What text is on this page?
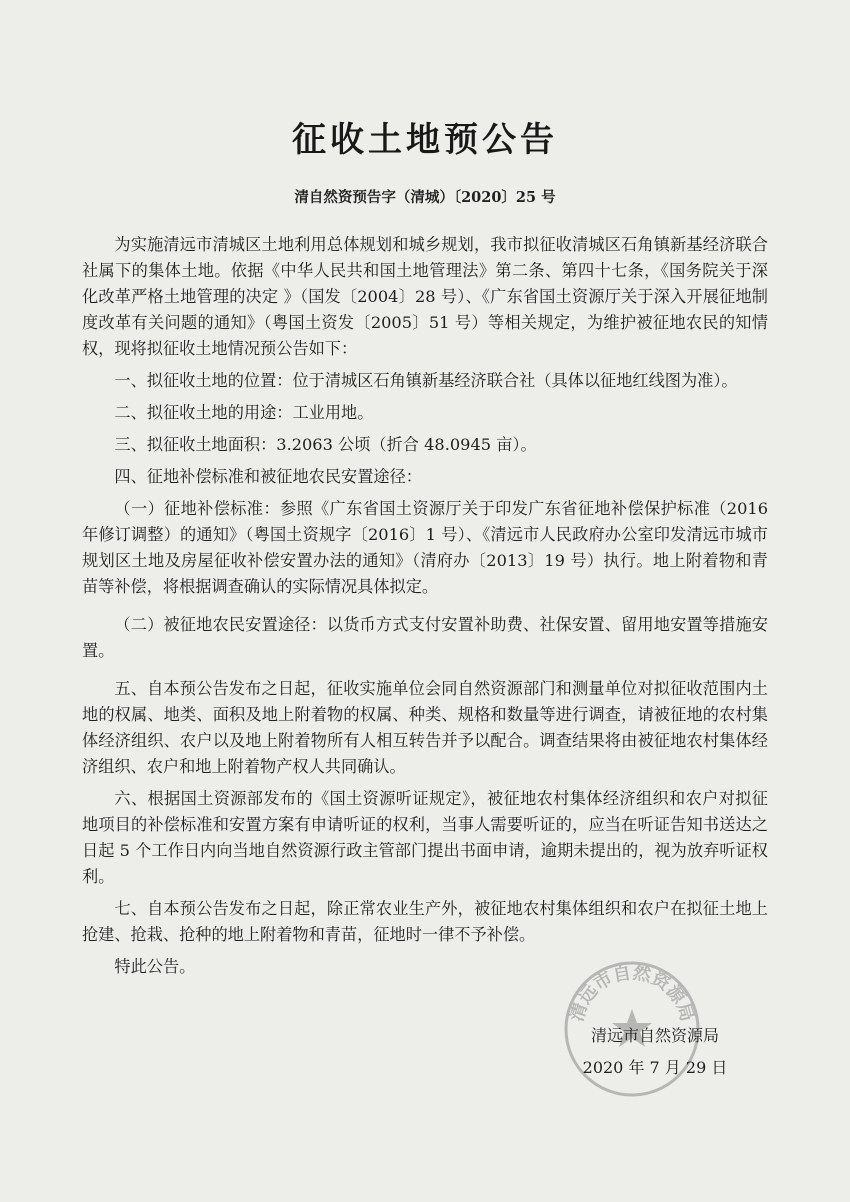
征收土地预公告
清自然资预告字（清城）〔2020〕25 号

为实施清远市清城区土地利用总体规划和城乡规划，我市拟征收清城区石角镇新基经济联合社属下的集体土地。依据《中华人民共和国土地管理法》第二条、第四十七条，《国务院关于深化改革严格土地管理的决定 》（国发〔2004〕28 号）、《广东省国土资源厅关于深入开展征地制度改革有关问题的通知》（粤国土资发〔2005〕51 号）等相关规定，为维护被征地农民的知情权，现将拟征收土地情况预公告如下：

一、拟征收土地的位置：位于清城区石角镇新基经济联合社（具体以征地红线图为准）。

二、拟征收土地的用途：工业用地。

三、拟征收土地面积：3.2063 公顷（折合 48.0945 亩）。

四、征地补偿标准和被征地农民安置途径：

（一）征地补偿标准：参照《广东省国土资源厅关于印发广东省征地补偿保护标准（2016年修订调整）的通知》（粤国土资规字〔2016〕1 号）、《清远市人民政府办公室印发清远市城市规划区土地及房屋征收补偿安置办法的通知》（清府办〔2013〕19 号）执行。地上附着物和青苗等补偿，将根据调查确认的实际情况具体拟定。

（二）被征地农民安置途径：以货币方式支付安置补助费、社保安置、留用地安置等措施安置。

五、自本预公告发布之日起，征收实施单位会同自然资源部门和测量单位对拟征收范围内土地的权属、地类、面积及地上附着物的权属、种类、规格和数量等进行调查，请被征地的农村集体经济组织、农户以及地上附着物所有人相互转告并予以配合。调查结果将由被征地农村集体经济组织、农户和地上附着物产权人共同确认。

六、根据国土资源部发布的《国土资源听证规定》，被征地农村集体经济组织和农户对拟征地项目的补偿标准和安置方案有申请听证的权利，当事人需要听证的，应当在听证告知书送达之日起 5 个工作日内向当地自然资源行政主管部门提出书面申请，逾期未提出的，视为放弃听证权利。

七、自本预公告发布之日起，除正常农业生产外，被征地农村集体组织和农户在拟征土地上抢建、抢栽、抢种的地上附着物和青苗，征地时一律不予补偿。

特此公告。

清远市自然资源局
清远市自然资源局
2020 年 7 月 29 日
